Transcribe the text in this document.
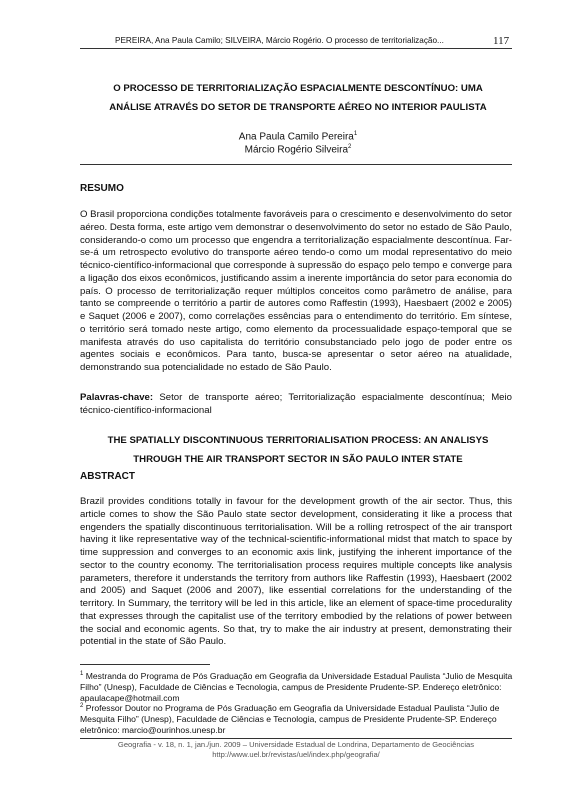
PEREIRA, Ana Paula Camilo; SILVEIRA, Márcio Rogério. O processo de territorialização...	117
O PROCESSO DE TERRITORIALIZAÇÃO ESPACIALMENTE DESCONTÍNUO: UMA
ANÁLISE ATRAVÉS DO SETOR DE TRANSPORTE AÉREO NO INTERIOR PAULISTA
Ana Paula Camilo Pereira$^1$
Márcio Rogério Silveira$^2$
RESUMO
O Brasil proporciona condições totalmente favoráveis para o crescimento e desenvolvimento do setor aéreo. Desta forma, este artigo vem demonstrar o desenvolvimento do setor no estado de São Paulo, considerando-o como um processo que engendra a territorialização espacialmente descontínua. Far-se-á um retrospecto evolutivo do transporte aéreo tendo-o como um modal representativo do meio técnico-científico-informacional que corresponde à supressão do espaço pelo tempo e converge para a ligação dos eixos econômicos, justificando assim a inerente importância do setor para economia do país. O processo de territorialização requer múltiplos conceitos como parâmetro de análise, para tanto se compreende o território a partir de autores como Raffestin (1993), Haesbaert (2002 e 2005) e Saquet (2006 e 2007), como correlações essências para o entendimento do território. Em síntese, o território será tomado neste artigo, como elemento da processualidade espaço-temporal que se manifesta através do uso capitalista do território consubstanciado pelo jogo de poder entre os agentes sociais e econômicos. Para tanto, busca-se apresentar o setor aéreo na atualidade, demonstrando sua potencialidade no estado de São Paulo.
Palavras-chave: Setor de transporte aéreo; Territorialização espacialmente descontínua; Meio técnico-científico-informacional
THE SPATIALLY DISCONTINUOUS TERRITORIALISATION PROCESS: AN ANALISYS
THROUGH THE AIR TRANSPORT SECTOR IN SÃO PAULO INTER STATE
ABSTRACT
Brazil provides conditions totally in favour for the development growth of the air sector. Thus, this article comes to show the São Paulo state sector development, considerating it like a process that engenders the spatially discontinuous territorialisation. Will be a rolling retrospect of the air transport having it like representative way of the technical-scientific-informational midst that match to space by time suppression and converges to an economic axis link, justifying the inherent importance of the sector to the country economy. The territorialisation process requires multiple concepts like analysis parameters, therefore it understands the territory from authors like Raffestin (1993), Haesbaert (2002 and 2005) and Saquet (2006 and 2007), like essential correlations for the understanding of the territory. In Summary, the territory will be led in this article, like an element of space-time procedurality that expresses through the capitalist use of the territory embodied by the relations of power between the social and economic agents. So that, try to make the air industry at present, demonstrating their potential in the state of São Paulo.
$^1$ Mestranda do Programa de Pós Graduação em Geografia da Universidade Estadual Paulista “Julio de Mesquita Filho” (Unesp), Faculdade de Ciências e Tecnologia, campus de Presidente Prudente-SP. Endereço eletrônico: apaulacape@hotmail.com
$^2$ Professor Doutor no Programa de Pós Graduação em Geografia da Universidade Estadual Paulista “Julio de Mesquita Filho” (Unesp), Faculdade de Ciências e Tecnologia, campus de Presidente Prudente-SP. Endereço eletrônico: marcio@ourinhos.unesp.br
Geografia - v. 18, n. 1, jan./jun. 2009 – Universidade Estadual de Londrina, Departamento de Geociências
http://www.uel.br/revistas/uel/index.php/geografia/
